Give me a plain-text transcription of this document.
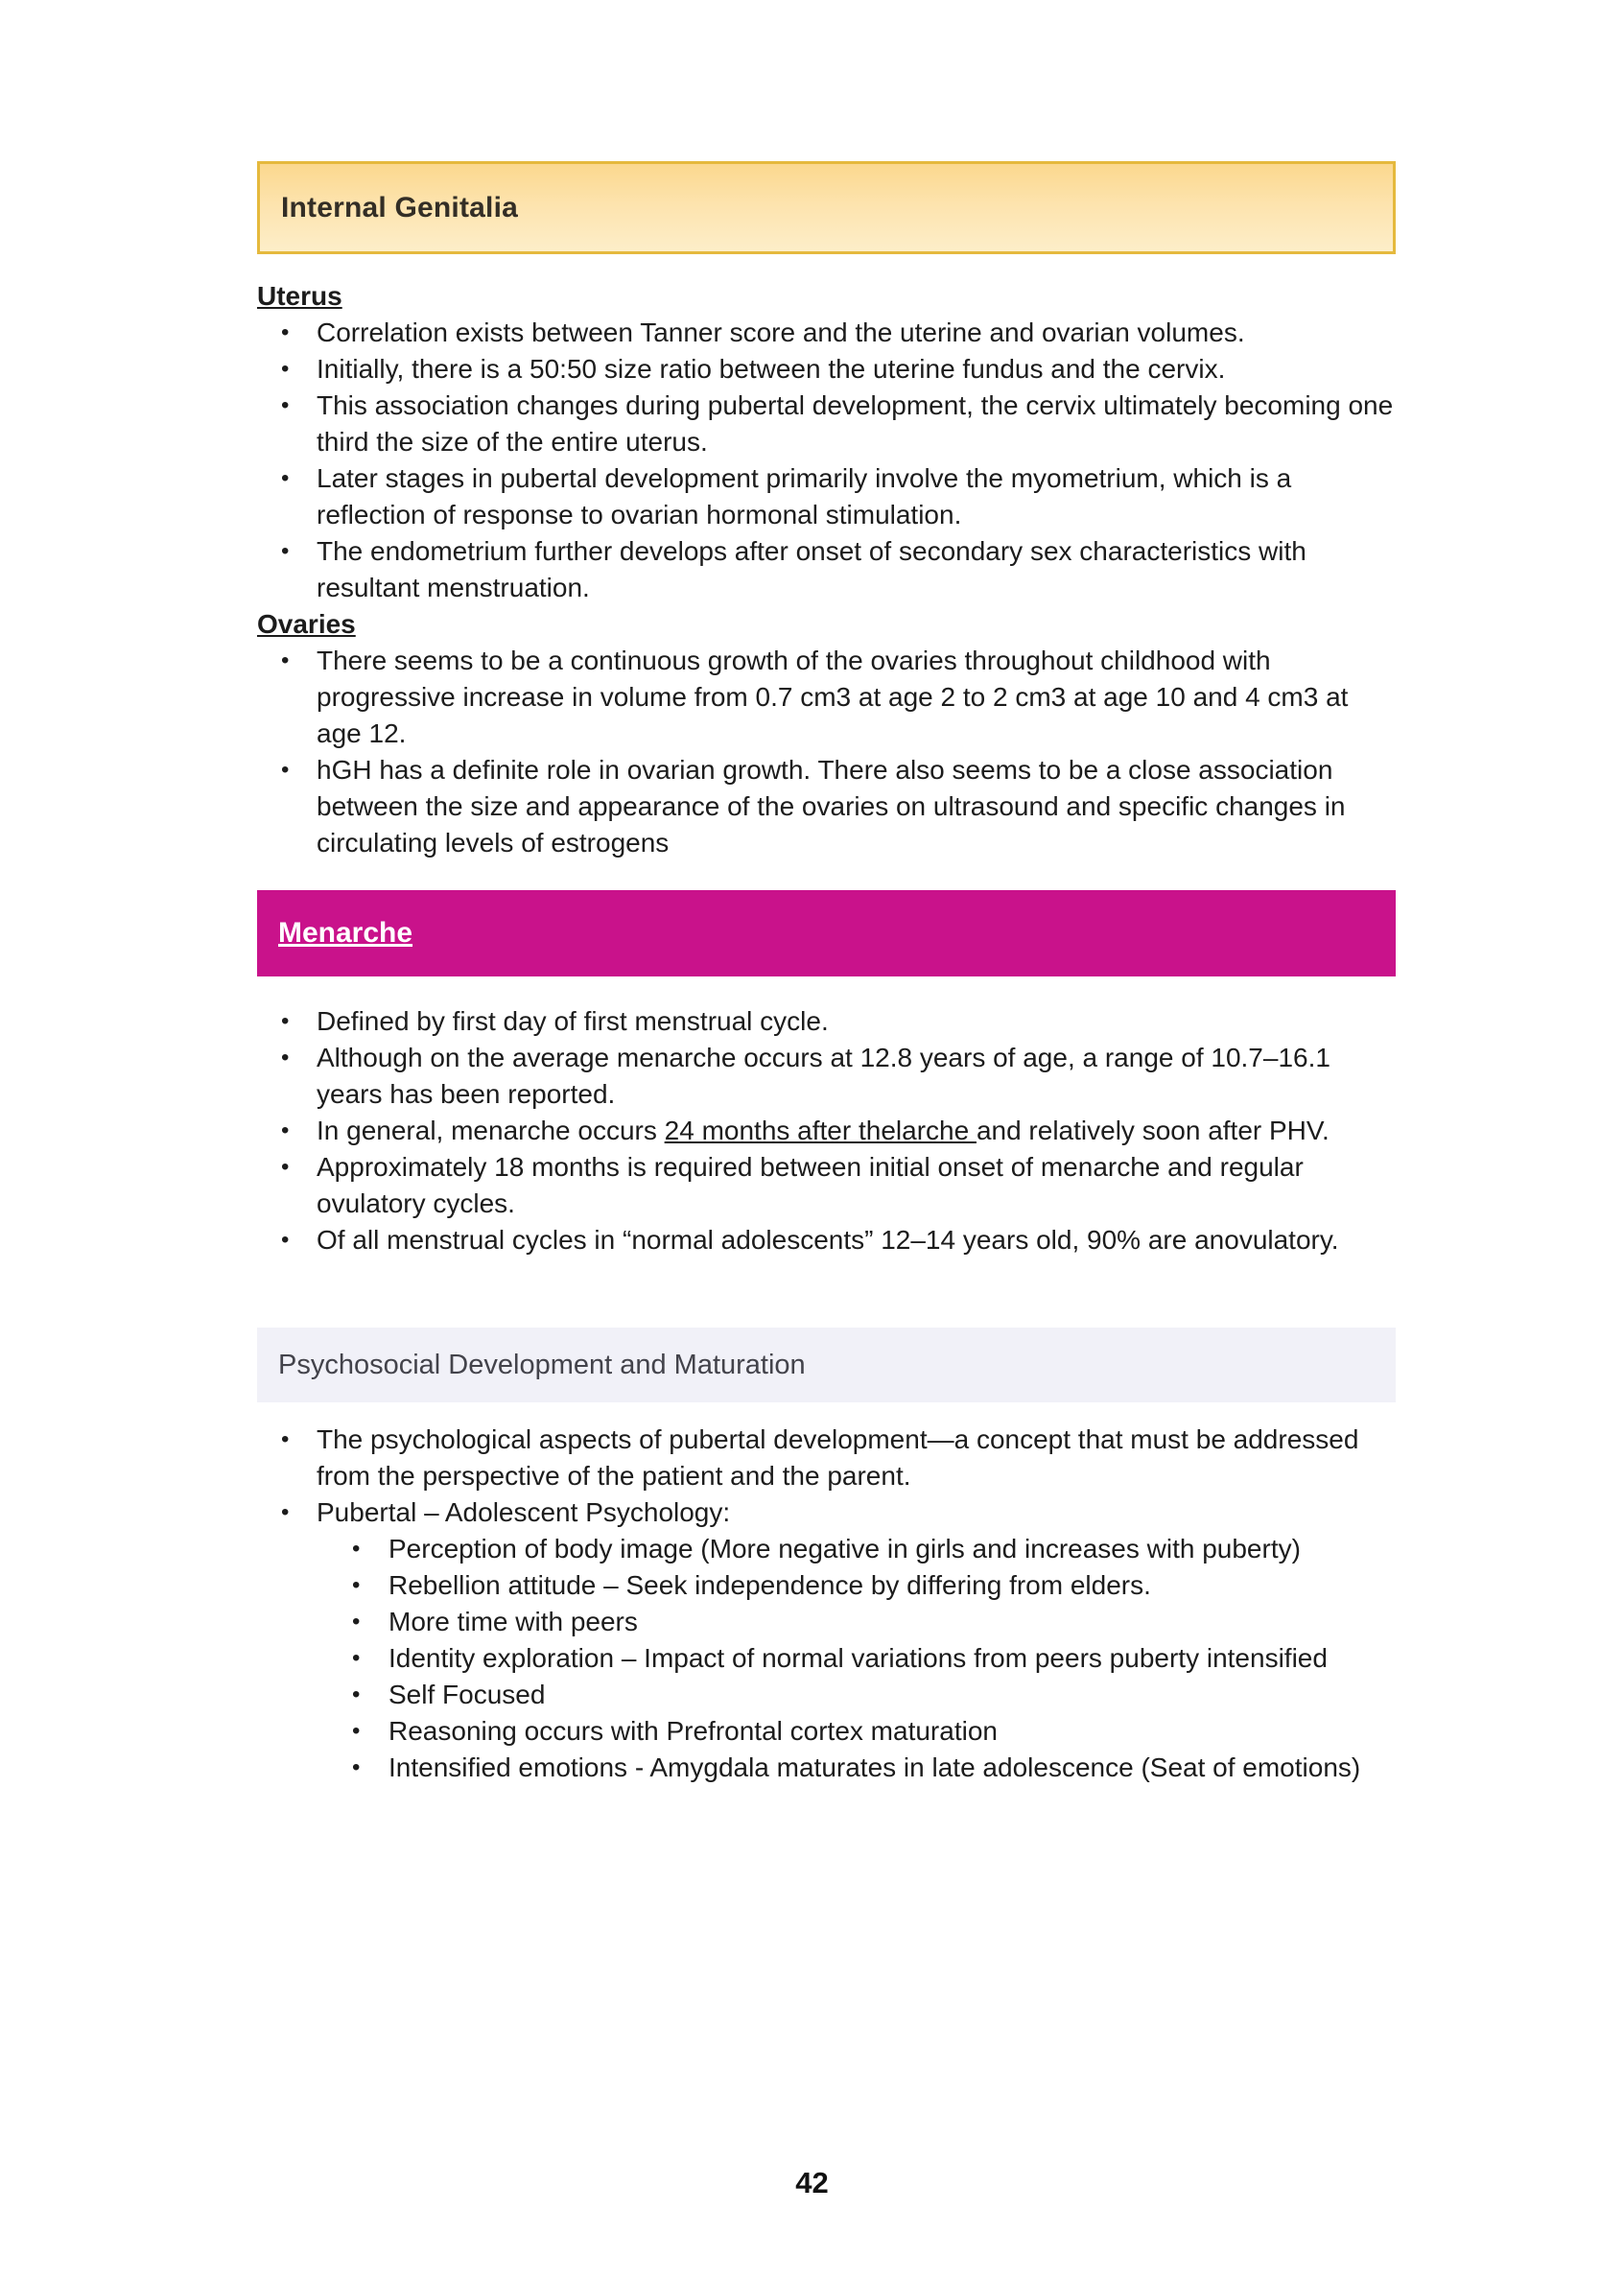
Internal Genitalia
Uterus
•	Correlation exists between Tanner score and the uterine and ovarian volumes.
•	Initially, there is a 50:50 size ratio between the uterine fundus and the cervix.
•	This association changes during pubertal development, the cervix ultimately becoming one third the size of the entire uterus.
•	Later stages in pubertal development primarily involve the myometrium, which is a reflection of response to ovarian hormonal stimulation.
•	The endometrium further develops after onset of secondary sex characteristics with resultant menstruation.
Ovaries
•	There seems to be a continuous growth of the ovaries throughout childhood with progressive increase in volume from 0.7 cm3 at age 2 to 2 cm3 at age 10 and 4 cm3 at age 12.
•	hGH has a definite role in ovarian growth. There also seems to be a close association between the size and appearance of the ovaries on ultrasound and specific changes in circulating levels of estrogens
Menarche
•	Defined by first day of first menstrual cycle.
•	Although on the average menarche occurs at 12.8 years of age, a range of 10.7–16.1 years has been reported.
•	In general, menarche occurs 24 months after thelarche and relatively soon after PHV.
•	Approximately 18 months is required between initial onset of menarche and regular ovulatory cycles.
•	Of all menstrual cycles in “normal adolescents” 12–14 years old, 90% are anovulatory.
Psychosocial Development and Maturation
•	The psychological aspects of pubertal development—a concept that must be addressed from the perspective of the patient and the parent.
•	Pubertal – Adolescent Psychology:
•	Perception of body image (More negative in girls and increases with puberty)
•	Rebellion attitude – Seek independence by differing from elders.
•	More time with peers
•	Identity exploration – Impact of normal variations from peers puberty intensified
•	Self Focused
•	Reasoning occurs with Prefrontal cortex maturation
•	Intensified emotions - Amygdala maturates in late adolescence (Seat of emotions)
42
